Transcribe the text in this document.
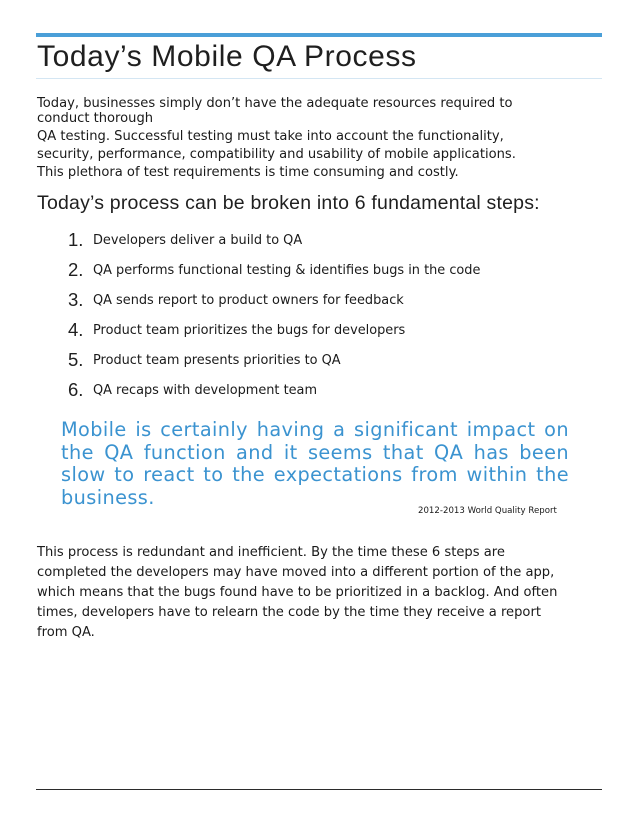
Today’s Mobile QA Process

Today, businesses simply don’t have the adequate resources required to
conduct thorough
QA testing. Successful testing must take into account the functionality,
security, performance, compatibility and usability of mobile applications.
This plethora of test requirements is time consuming and costly.

Today’s process can be broken into 6 fundamental steps:
1. Developers deliver a build to QA
2. QA performs functional testing & identifies bugs in the code
3. QA sends report to product owners for feedback
4. Product team prioritizes the bugs for developers
5. Product team presents priorities to QA
6. QA recaps with development team
Mobile is certainly having a significant impact on the QA function and it seems that QA has been slow to react to the expectations from within the business.

2012-2013 World Quality Report

This process is redundant and inefficient. By the time these 6 steps are
completed the developers may have moved into a different portion of the app,
which means that the bugs found have to be prioritized in a backlog. And often
times, developers have to relearn the code by the time they receive a report
from QA.
